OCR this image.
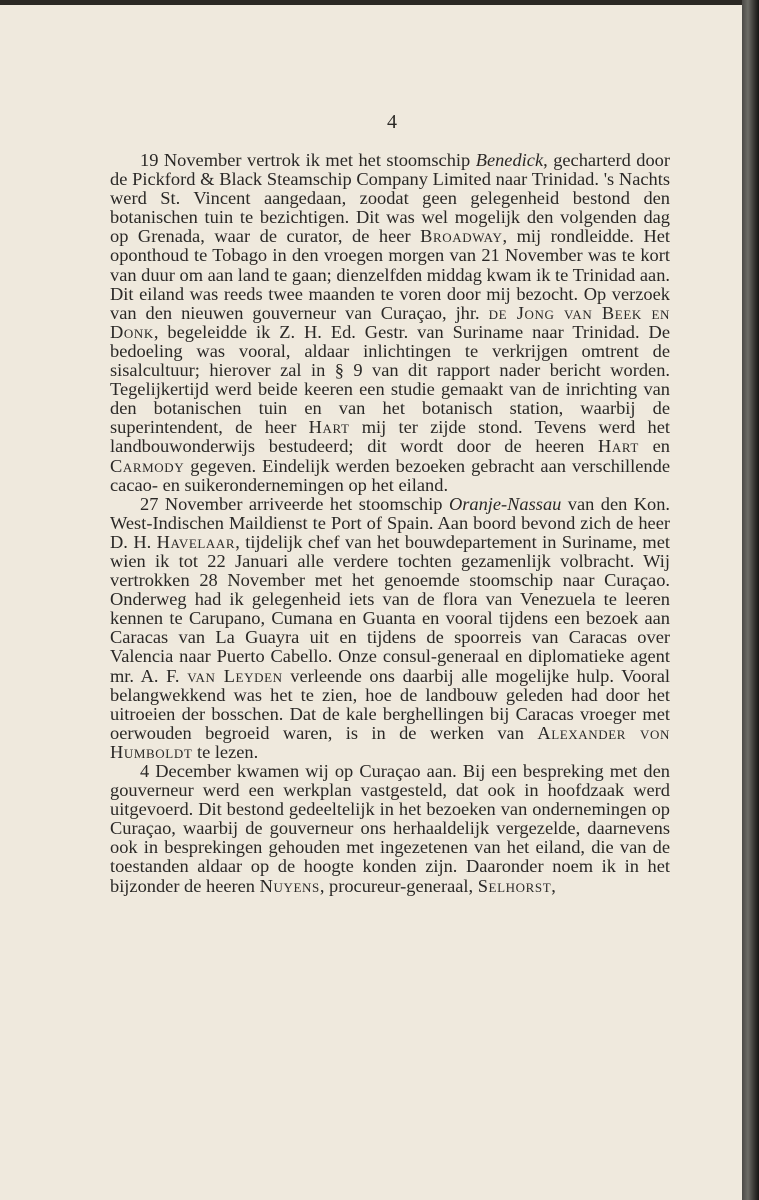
4

19 November vertrok ik met het stoomschip Benedick, gecharterd door de Pickford & Black Steamschip Company Limited naar Trinidad. 's Nachts werd St. Vincent aangedaan, zoodat geen gelegenheid bestond den botanischen tuin te bezichtigen. Dit was wel mogelijk den volgenden dag op Grenada, waar de curator, de heer Broadway, mij rondleidde. Het oponthoud te Tobago in den vroegen morgen van 21 November was te kort van duur om aan land te gaan; dienzelfden middag kwam ik te Trinidad aan. Dit eiland was reeds twee maanden te voren door mij bezocht. Op verzoek van den nieuwen gouverneur van Curaçao, jhr. de Jong van Beek en Donk, begeleidde ik Z. H. Ed. Gestr. van Suriname naar Trinidad. De bedoeling was vooral, aldaar inlichtingen te verkrijgen omtrent de sisalcultuur; hierover zal in § 9 van dit rapport nader bericht worden. Tegelijkertijd werd beide keeren een studie gemaakt van de inrichting van den botanischen tuin en van het botanisch station, waarbij de superintendent, de heer Hart mij ter zijde stond. Tevens werd het landbouwonderwijs bestudeerd; dit wordt door de heeren Hart en Carmody gegeven. Eindelijk werden bezoeken gebracht aan verschillende cacao- en suikerondernemingen op het eiland.

27 November arriveerde het stoomschip Oranje-Nassau van den Kon. West-Indischen Maildienst te Port of Spain. Aan boord bevond zich de heer D. H. Havelaar, tijdelijk chef van het bouwdepartement in Suriname, met wien ik tot 22 Januari alle verdere tochten gezamenlijk volbracht. Wij vertrokken 28 November met het genoemde stoomschip naar Curaçao. Onderweg had ik gelegenheid iets van de flora van Venezuela te leeren kennen te Carupano, Cumana en Guanta en vooral tijdens een bezoek aan Caracas van La Guayra uit en tijdens de spoorreis van Caracas over Valencia naar Puerto Cabello. Onze consul-generaal en diplomatieke agent mr. A. F. van Leyden verleende ons daarbij alle mogelijke hulp. Vooral belangwekkend was het te zien, hoe de landbouw geleden had door het uitroeien der bosschen. Dat de kale berghellingen bij Caracas vroeger met oerwouden begroeid waren, is in de werken van Alexander von Humboldt te lezen.

4 December kwamen wij op Curaçao aan. Bij een bespreking met den gouverneur werd een werkplan vastgesteld, dat ook in hoofdzaak werd uitgevoerd. Dit bestond gedeeltelijk in het bezoeken van ondernemingen op Curaçao, waarbij de gouverneur ons herhaaldelijk vergezelde, daarnevens ook in besprekingen gehouden met ingezetenen van het eiland, die van de toestanden aldaar op de hoogte konden zijn. Daaronder noem ik in het bijzonder de heeren Nuyens, procureur-generaal, Selhorst,
